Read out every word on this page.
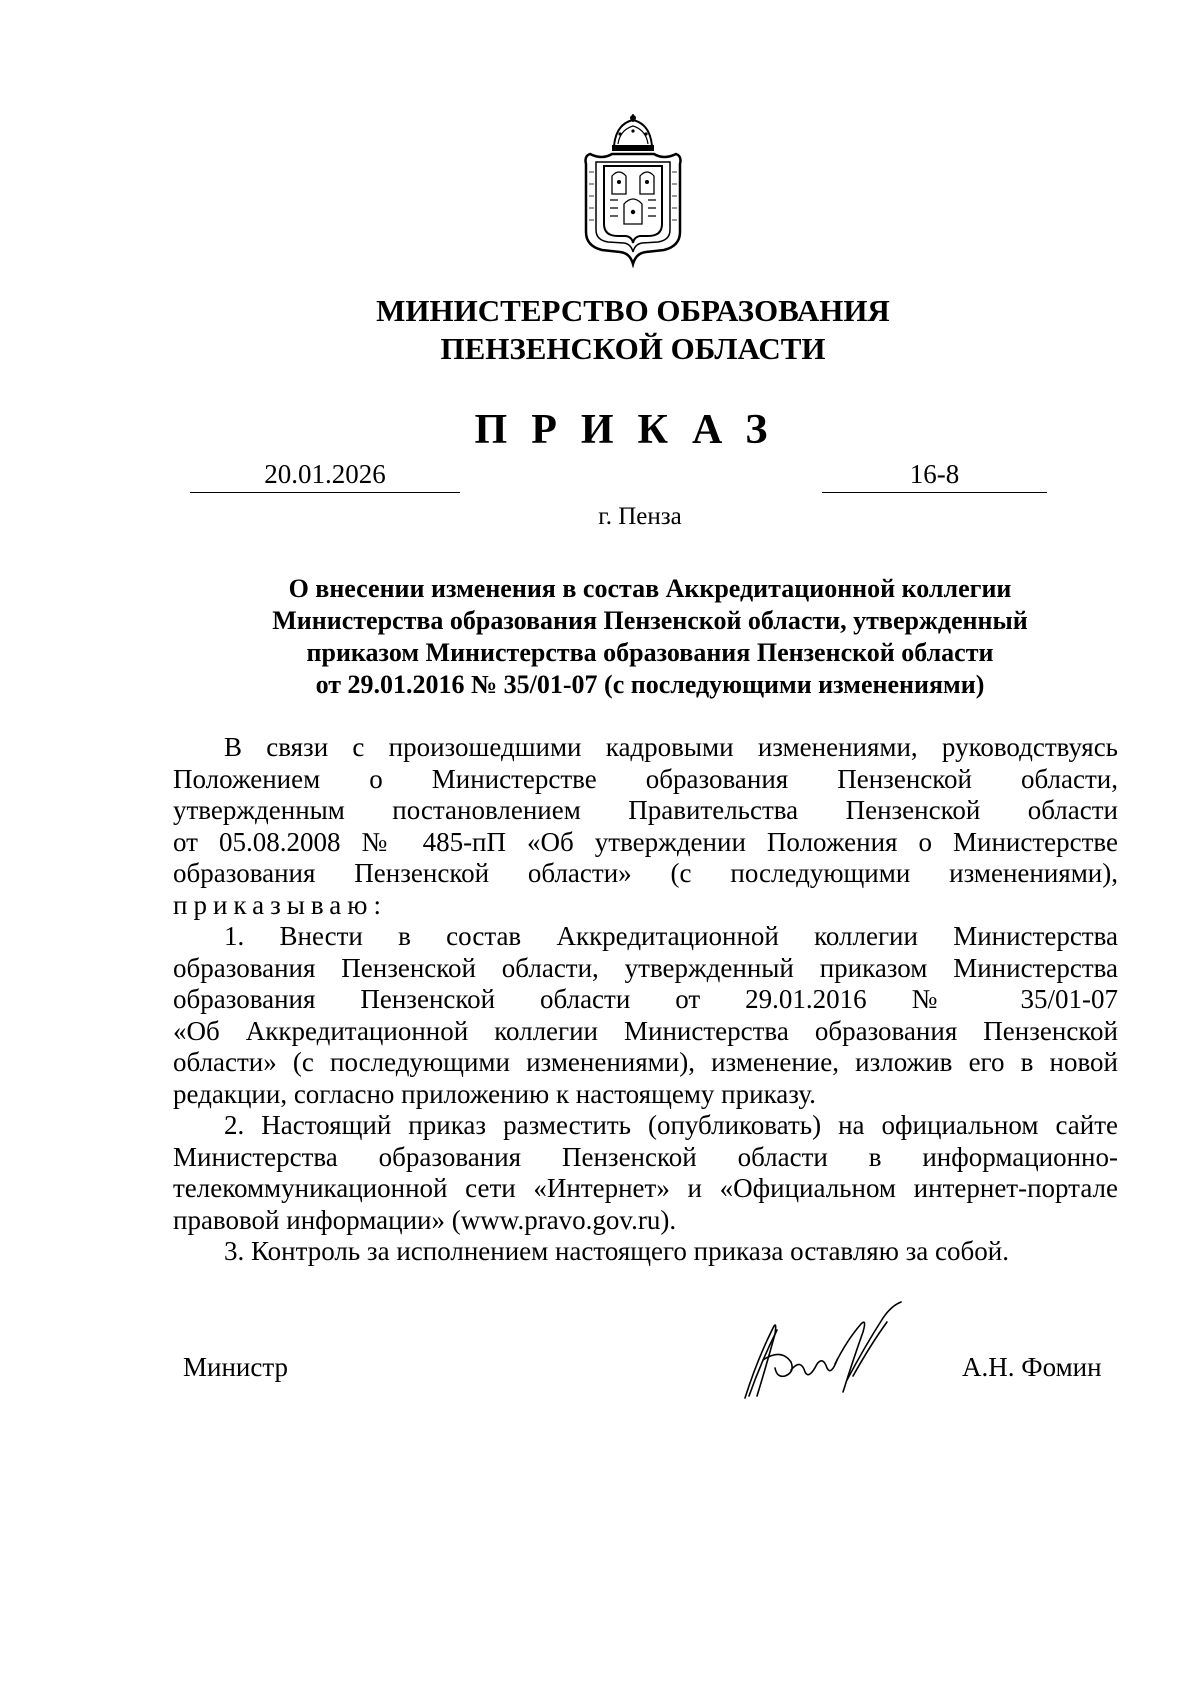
МИНИСТЕРСТВО ОБРАЗОВАНИЯ
ПЕНЗЕНСКОЙ ОБЛАСТИ
ПРИКАЗ
20.01.2026	16-8
г. Пенза
О внесении изменения в состав Аккредитационной коллегии
Министерства образования Пензенской области, утвержденный
приказом Министерства образования Пензенской области
от 29.01.2016 № 35/01-07 (с последующими изменениями)
В связи с произошедшими кадровыми изменениями, руководствуясь
Положением о Министерстве образования Пензенской области,
утвержденным постановлением Правительства Пензенской области
от 05.08.2008 № 485-пП «Об утверждении Положения о Министерстве
образования Пензенской области» (с последующими изменениями),
приказываю:
1. Внести в состав Аккредитационной коллегии Министерства
образования Пензенской области, утвержденный приказом Министерства
образования Пензенской области от 29.01.2016 № 35/01-07
«Об Аккредитационной коллегии Министерства образования Пензенской
области» (с последующими изменениями), изменение, изложив его в новой
редакции, согласно приложению к настоящему приказу.
2. Настоящий приказ разместить (опубликовать) на официальном сайте
Министерства образования Пензенской области в информационно-
телекоммуникационной сети «Интернет» и «Официальном интернет-портале
правовой информации» (www.pravo.gov.ru).
3. Контроль за исполнением настоящего приказа оставляю за собой.
Министр	А.Н. Фомин
